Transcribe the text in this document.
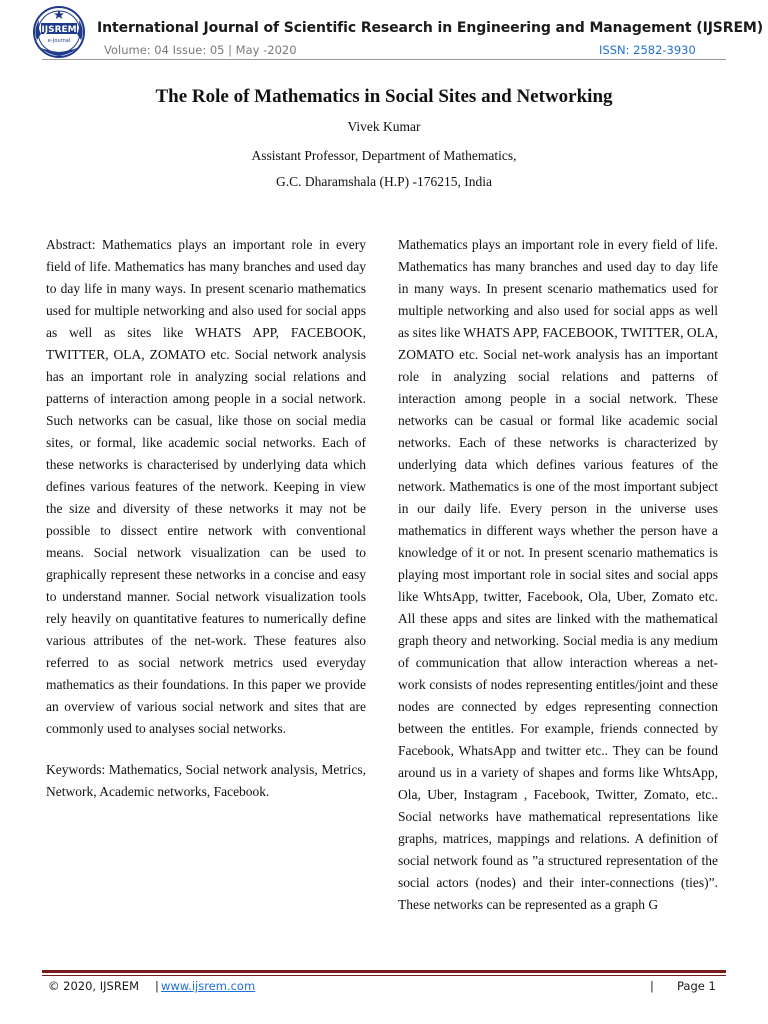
IJSREM
e-Journal
International Journal of Scientific Research in Engineering and Management (IJSREM)
Volume: 04 Issue: 05 | May -2020	ISSN: 2582-3930
The Role of Mathematics in Social Sites and Networking
Vivek Kumar
Assistant Professor, Department of Mathematics,
G.C. Dharamshala (H.P) -176215, India

Abstract: Mathematics plays an important role in every field of life. Mathematics has many branches and used day to day life in many ways. In present scenario mathematics used for multiple networking and also used for social apps as well as sites like WHATS APP, FACEBOOK, TWITTER, OLA, ZOMATO etc. Social network analysis has an important role in analyzing social relations and patterns of interaction among people in a social network. Such networks can be casual, like those on social media sites, or formal, like academic social networks. Each of these networks is characterised by underlying data which defines various features of the network. Keeping in view the size and diversity of these networks it may not be possible to dissect entire network with conventional means. Social network visualization can be used to graphically represent these networks in a concise and easy to understand manner. Social network visualization tools rely heavily on quantitative features to numerically define various attributes of the net-work. These features also referred to as social network metrics used everyday mathematics as their foundations. In this paper we provide an overview of various social network and sites that are commonly used to analyses social networks.

Keywords: Mathematics, Social network analysis, Metrics, Network, Academic networks, Facebook.

Mathematics plays an important role in every field of life. Mathematics has many branches and used day to day life in many ways. In present scenario mathematics used for multiple networking and also used for social apps as well as sites like WHATS APP, FACEBOOK, TWITTER, OLA, ZOMATO etc. Social net-work analysis has an important role in analyzing social relations and patterns of interaction among people in a social network. These networks can be casual or formal like academic social networks. Each of these networks is characterized by underlying data which defines various features of the network. Mathematics is one of the most important subject in our daily life. Every person in the universe uses mathematics in different ways whether the person have a knowledge of it or not. In present scenario mathematics is playing most important role in social sites and social apps like WhtsApp, twitter, Facebook, Ola, Uber, Zomato etc. All these apps and sites are linked with the mathematical graph theory and networking. Social media is any medium of communication that allow interaction whereas a net-work consists of nodes representing entitles/joint and these nodes are connected by edges representing connection between the entitles. For example, friends connected by Facebook, WhatsApp and twitter etc.. They can be found around us in a variety of shapes and forms like WhtsApp, Ola, Uber, Instagram , Facebook, Twitter, Zomato, etc.. Social networks have mathematical representations like graphs, matrices, mappings and relations. A definition of social network found as ”a structured representation of the social actors (nodes) and their inter-connections (ties)”. These networks can be represented as a graph G

© 2020, IJSREM | www.ijsrem.com	| Page 1
